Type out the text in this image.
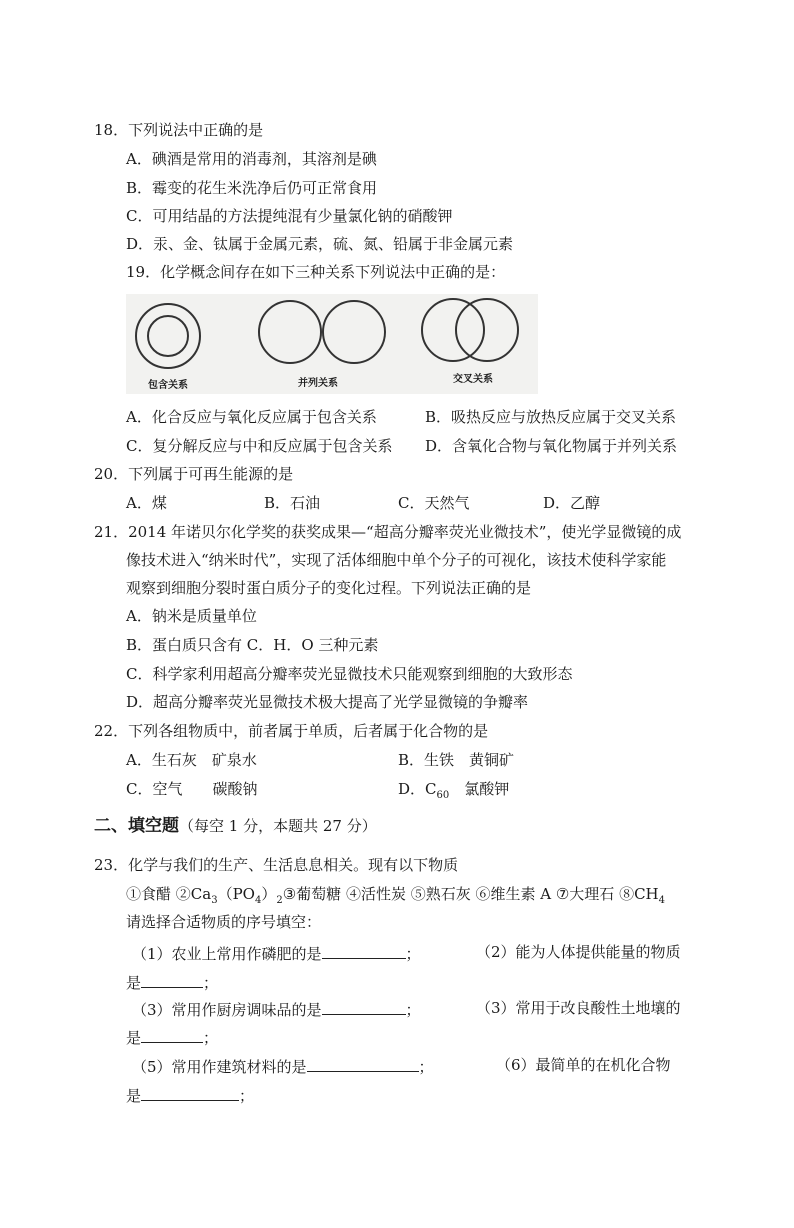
18．下列说法中正确的是
A．碘酒是常用的消毒剂，其溶剂是碘
B．霉变的花生米洗净后仍可正常食用
C．可用结晶的方法提纯混有少量氯化钠的硝酸钾
D．汞、金、钛属于金属元素，硫、氮、铅属于非金属元素
19．化学概念间存在如下三种关系下列说法中正确的是：
包含关系	并列关系	交叉关系
A．化合反应与氧化反应属于包含关系	B．吸热反应与放热反应属于交叉关系
C．复分解反应与中和反应属于包含关系 D．含氧化合物与氧化物属于并列关系
20．下列属于可再生能源的是
A．煤	B．石油	C．天然气	D．乙醇
21．2014 年诺贝尔化学奖的获奖成果—“超高分瓣率荧光业微技术”，使光学显微镜的成
像技术进入“纳米时代”，实现了活体细胞中单个分子的可视化，该技术使科学家能
观察到细胞分裂时蛋白质分子的变化过程。下列说法正确的是
A．钠米是质量单位
B．蛋白质只含有 C．H．O 三种元素
C．科学家利用超高分瓣率荧光显微技术只能观察到细胞的大致形态
D．超高分瓣率荧光显微技术极大提高了光学显微镜的争瓣率
22．下列各组物质中，前者属于单质，后者属于化合物的是
A．生石灰　矿泉水	B．生铁　黄铜矿
C．空气　　碳酸钠	D．$C_{60}$　氯酸钾
二、填空题（每空 1 分，本题共 27 分）
23．化学与我们的生产、生活息息相关。现有以下物质
①食醋 $②Ca_3(PO_4)_2③$葡萄糖 ④活性炭 ⑤熟石灰 ⑥维生素 A ⑦大理石 $⑧CH_4$
请选择合适物质的序号填空：
（1）农业上常用作磷肥的是	；	（2）能为人体提供能量的物质
是	；
（3）常用作厨房调味品的是	；	（3）常用于改良酸性土地壤的
是	；
（5）常用作建筑材料的是	；	（6）最简单的在机化合物
是	；
